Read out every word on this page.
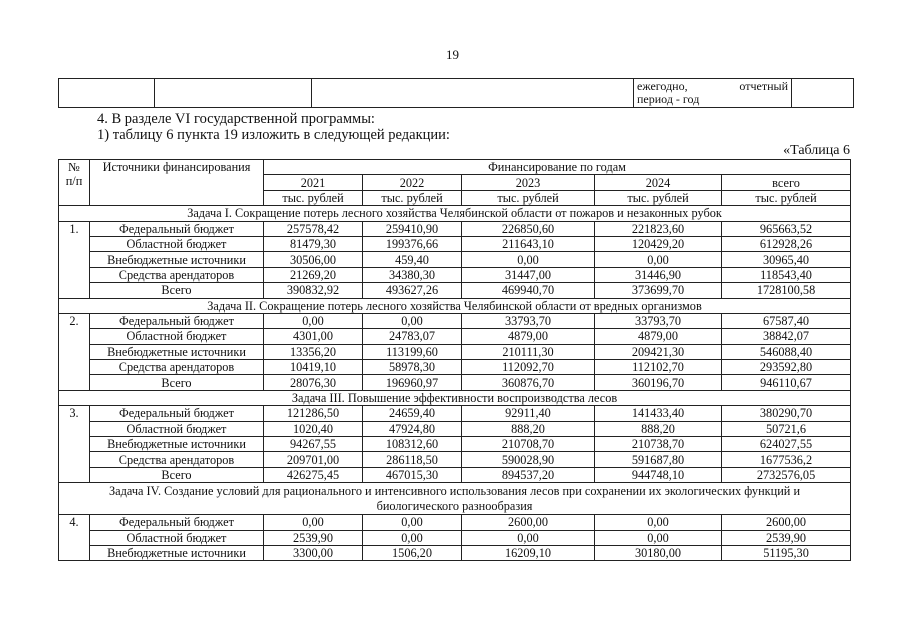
19

ежегодно,	отчетный
период - год

4. В разделе VI государственной программы:
1) таблицу 6 пункта 19 изложить в следующей редакции:
«Таблица 6
№
п/п	Источники финансирования	Финансирование по годам				
		2021	2022	2023	2024	всего
		тыс. рублей	тыс. рублей	тыс. рублей	тыс. рублей	тыс. рублей
Задача I. Сокращение потерь лесного хозяйства Челябинской области от пожаров и незаконных рубок						
1.	Федеральный бюджет	257578,42	259410,90	226850,60	221823,60	965663,52
	Областной бюджет	81479,30	199376,66	211643,10	120429,20	612928,26
	Внебюджетные источники	30506,00	459,40	0,00	0,00	30965,40
	Средства арендаторов	21269,20	34380,30	31447,00	31446,90	118543,40
	Всего	390832,92	493627,26	469940,70	373699,70	1728100,58
Задача II. Сокращение потерь лесного хозяйства Челябинской области от вредных организмов						
2.	Федеральный бюджет	0,00	0,00	33793,70	33793,70	67587,40
	Областной бюджет	4301,00	24783,07	4879,00	4879,00	38842,07
	Внебюджетные источники	13356,20	113199,60	210111,30	209421,30	546088,40
	Средства арендаторов	10419,10	58978,30	112092,70	112102,70	293592,80
	Всего	28076,30	196960,97	360876,70	360196,70	946110,67
Задача III. Повышение эффективности воспроизводства лесов						
3.	Федеральный бюджет	121286,50	24659,40	92911,40	141433,40	380290,70
	Областной бюджет	1020,40	47924,80	888,20	888,20	50721,6
	Внебюджетные источники	94267,55	108312,60	210708,70	210738,70	624027,55
	Средства арендаторов	209701,00	286118,50	590028,90	591687,80	1677536,2
	Всего	426275,45	467015,30	894537,20	944748,10	2732576,05
Задача IV. Создание условий для рационального и интенсивного использования лесов при сохранении их экологических функций и биологического разнообразия						
4.	Федеральный бюджет	0,00	0,00	2600,00	0,00	2600,00
	Областной бюджет	2539,90	0,00	0,00	0,00	2539,90
	Внебюджетные источники	3300,00	1506,20	16209,10	30180,00	51195,30
